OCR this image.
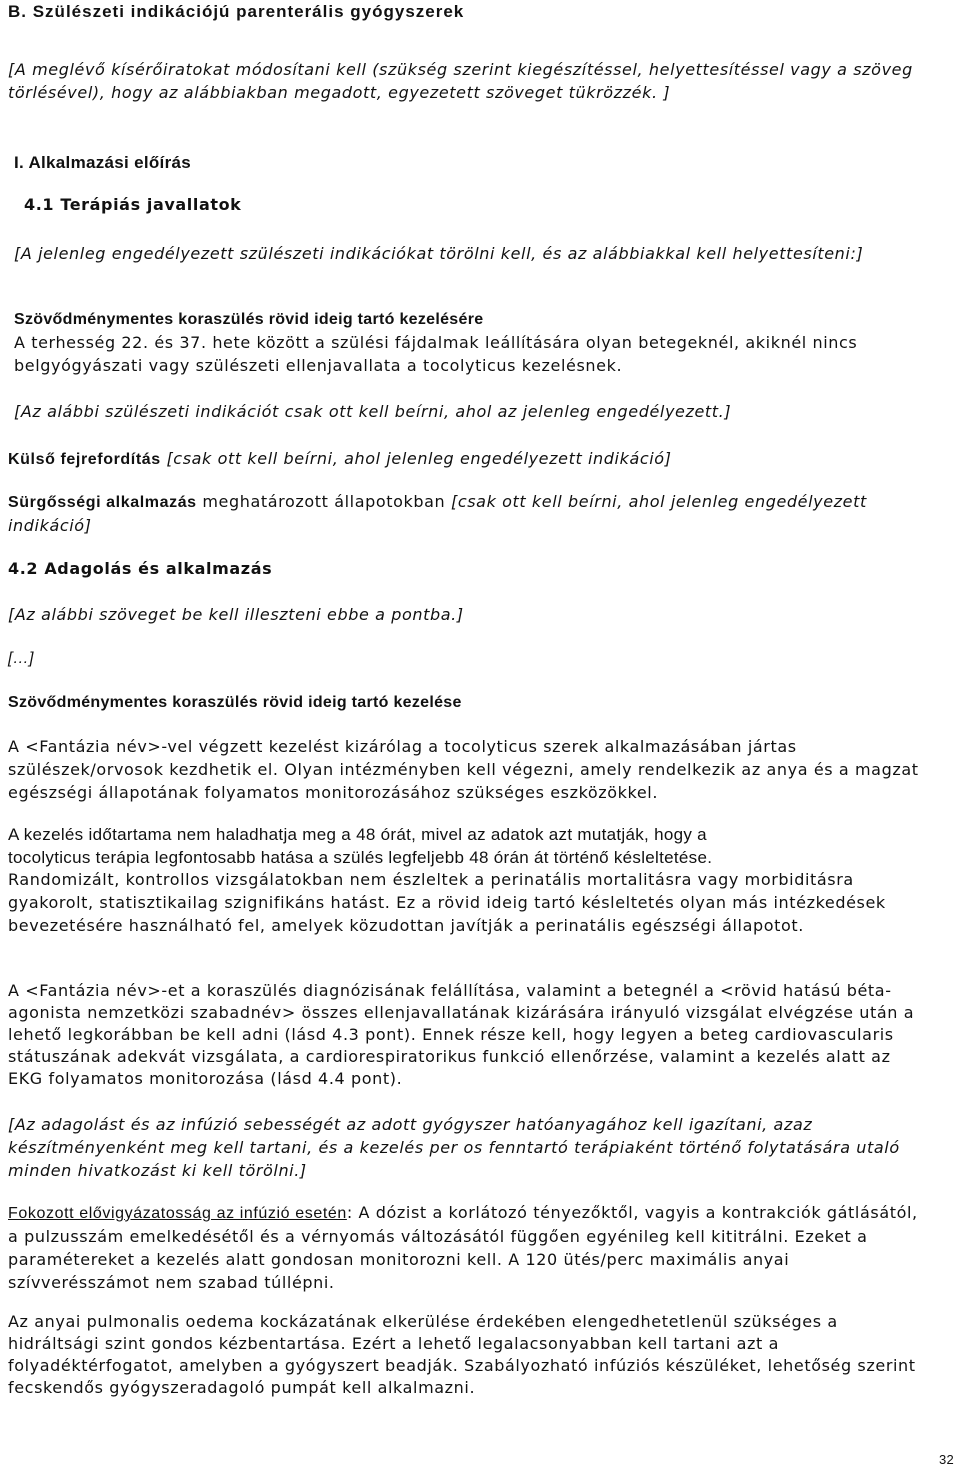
B. Szülészeti indikációjú parenterális gyógyszerek

[A meglévő kísérőiratokat módosítani kell (szükség szerint kiegészítéssel, helyettesítéssel vagy a szöveg törlésével), hogy az alábbiakban megadott, egyezetett szöveget tükrözzék. ]

I. Alkalmazási előírás
4.1 Terápiás javallatok

[A jelenleg engedélyezett szülészeti indikációkat törölni kell, és az alábbiakkal kell helyettesíteni:]

Szövődménymentes koraszülés rövid ideig tartó kezelésére

A terhesség 22. és 37. hete között a szülési fájdalmak leállítására olyan betegeknél, akiknél nincs belgyógyászati vagy szülészeti ellenjavallata a tocolyticus kezelésnek.

[Az alábbi szülészeti indikációt csak ott kell beírni, ahol az jelenleg engedélyezett.]

Külső fejrefordítás [csak ott kell beírni, ahol jelenleg engedélyezett indikáció]

Sürgősségi alkalmazás meghatározott állapotokban [csak ott kell beírni, ahol jelenleg engedélyezett indikáció]

4.2 Adagolás és alkalmazás

[Az alábbi szöveget be kell illeszteni ebbe a pontba.]

[…]
Szövődménymentes koraszülés rövid ideig tartó kezelése

A <Fantázia név>-vel végzett kezelést kizárólag a tocolyticus szerek alkalmazásában jártas szülészek/orvosok kezdhetik el. Olyan intézményben kell végezni, amely rendelkezik az anya és a magzat egészségi állapotának folyamatos monitorozásához szükséges eszközökkel.

A kezelés időtartama nem haladhatja meg a 48 órát, mivel az adatok azt mutatják, hogy a
tocolyticus terápia legfontosabb hatása a szülés legfeljebb 48 órán át történő késleltetése.

Randomizált, kontrollos vizsgálatokban nem észleltek a perinatális mortalitásra vagy morbiditásra gyakorolt, statisztikailag szignifikáns hatást. Ez a rövid ideig tartó késleltetés olyan más intézkedések bevezetésére használható fel, amelyek közudottan javítják a perinatális egészségi állapotot.

A <Fantázia név>-et a koraszülés diagnózisának felállítása, valamint a betegnél a <rövid hatású béta-agonista nemzetközi szabadnév> összes ellenjavallatának kizárására irányuló vizsgálat elvégzése után a lehető legkorábban be kell adni (lásd 4.3 pont). Ennek része kell, hogy legyen a beteg cardiovascularis státuszának adekvát vizsgálata, a cardiorespiratorikus funkció ellenőrzése, valamint a kezelés alatt az EKG folyamatos monitorozása (lásd 4.4 pont).

[Az adagolást és az infúzió sebességét az adott gyógyszer hatóanyagához kell igazítani, azaz készítményenként meg kell tartani, és a kezelés per os fenntartó terápiaként történő folytatására utaló minden hivatkozást ki kell törölni.]

Fokozott elővigyázatosság az infúzió esetén: A dózist a korlátozó tényezőktől, vagyis a kontrakciók gátlásától, a pulzusszám emelkedésétől és a vérnyomás változásától függően egyénileg kell kititrálni. Ezeket a paramétereket a kezelés alatt gondosan monitorozni kell. A 120 ütés/perc maximális anyai szívverésszámot nem szabad túllépni.

Az anyai pulmonalis oedema kockázatának elkerülése érdekében elengedhetetlenül szükséges a hidráltsági szint gondos kézbentartása. Ezért a lehető legalacsonyabban kell tartani azt a folyadéktérfogatot, amelyben a gyógyszert beadják. Szabályozható infúziós készüléket, lehetőség szerint fecskendős gyógyszeradagoló pumpát kell alkalmazni.

32
